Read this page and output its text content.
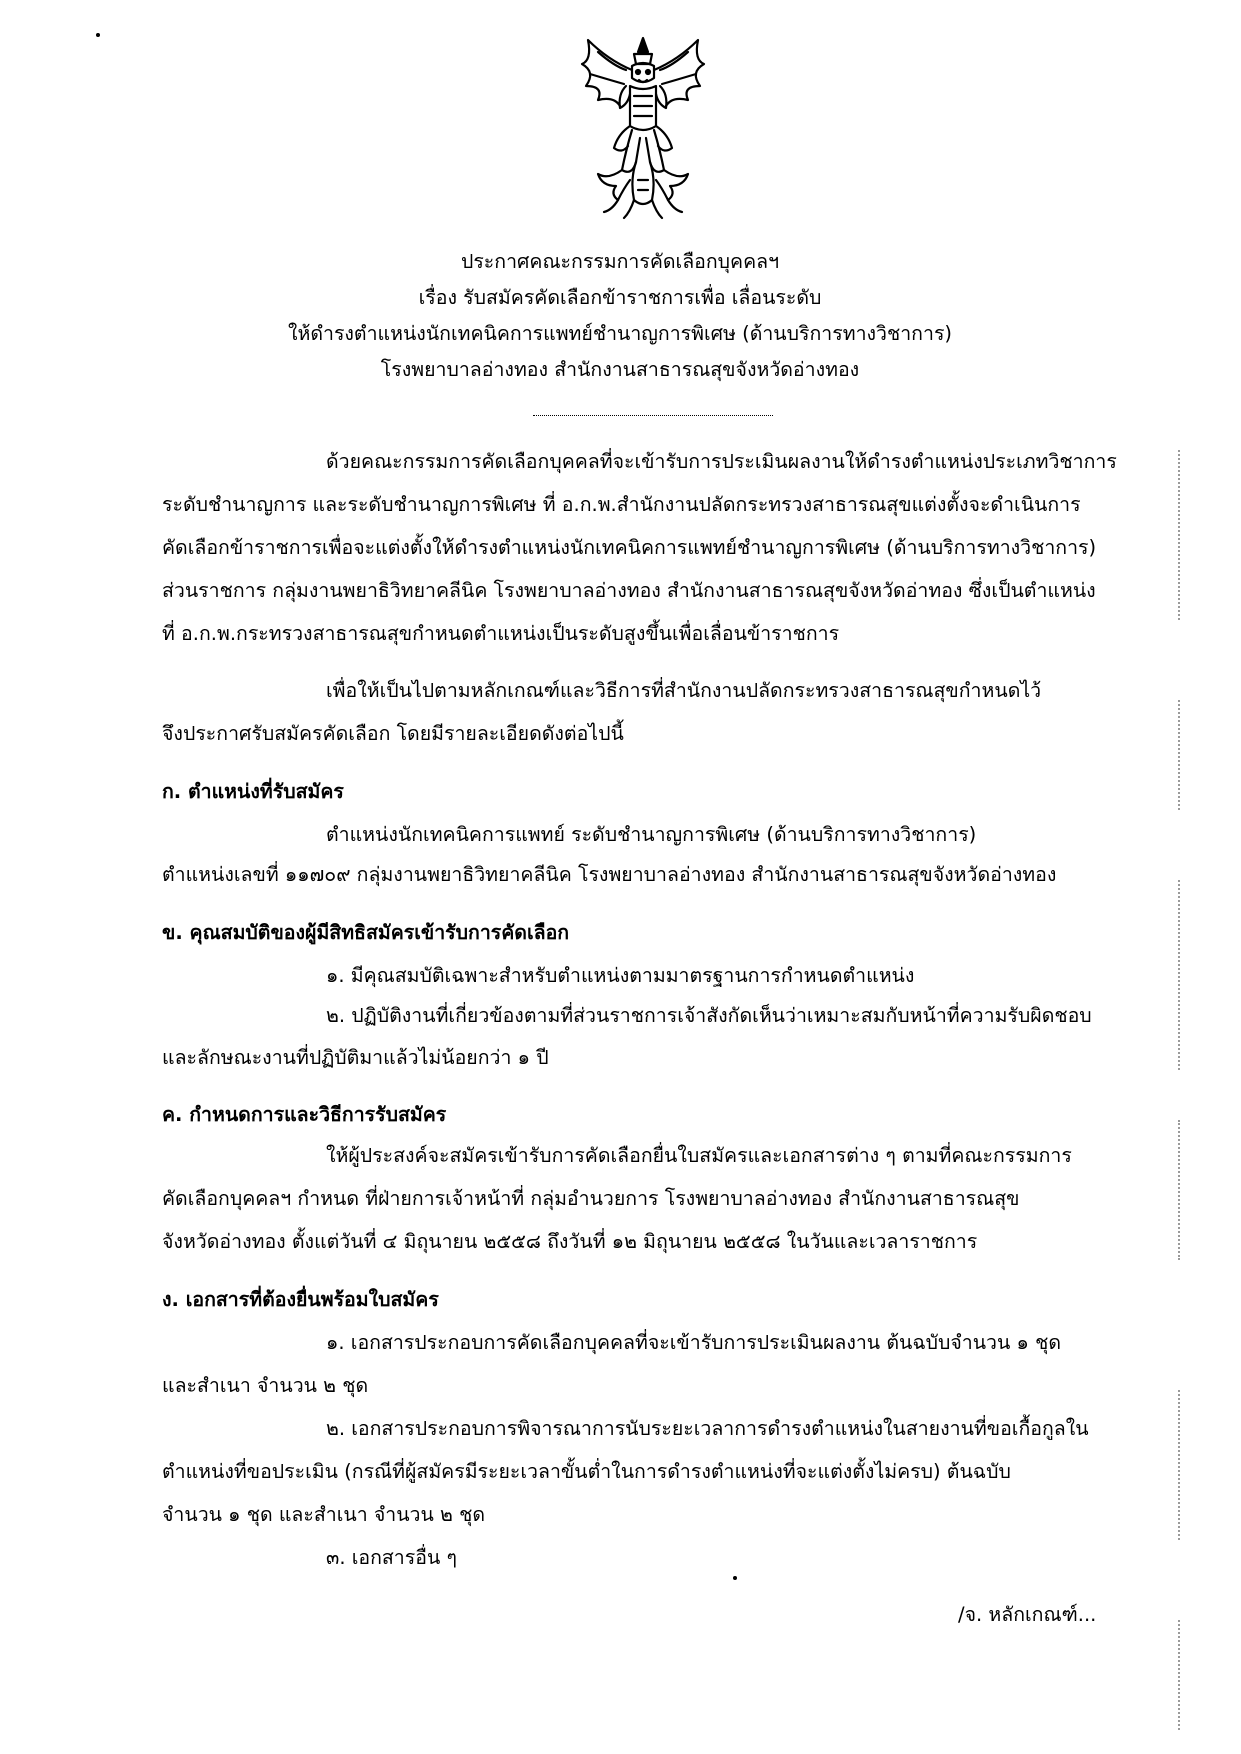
ประกาศคณะกรรมการคัดเลือกบุคคลฯ
เรื่อง รับสมัครคัดเลือกข้าราชการเพื่อ เลื่อนระดับ
ให้ดำรงตำแหน่งนักเทคนิคการแพทย์ชำนาญการพิเศษ (ด้านบริการทางวิชาการ)
โรงพยาบาลอ่างทอง สำนักงานสาธารณสุขจังหวัดอ่างทอง
ด้วยคณะกรรมการคัดเลือกบุคคลที่จะเข้ารับการประเมินผลงานให้ดำรงตำแหน่งประเภทวิชาการ
ระดับชำนาญการ และระดับชำนาญการพิเศษ ที่ อ.ก.พ.สำนักงานปลัดกระทรวงสาธารณสุขแต่งตั้งจะดำเนินการ
คัดเลือกข้าราชการเพื่อจะแต่งตั้งให้ดำรงตำแหน่งนักเทคนิคการแพทย์ชำนาญการพิเศษ (ด้านบริการทางวิชาการ)
ส่วนราชการ กลุ่มงานพยาธิวิทยาคลีนิค โรงพยาบาลอ่างทอง สำนักงานสาธารณสุขจังหวัดอ่าทอง ซึ่งเป็นตำแหน่ง
ที่ อ.ก.พ.กระทรวงสาธารณสุขกำหนดตำแหน่งเป็นระดับสูงขึ้นเพื่อเลื่อนข้าราชการ
เพื่อให้เป็นไปตามหลักเกณฑ์และวิธีการที่สำนักงานปลัดกระทรวงสาธารณสุขกำหนดไว้
จึงประกาศรับสมัครคัดเลือก โดยมีรายละเอียดดังต่อไปนี้
ก. ตำแหน่งที่รับสมัคร
ตำแหน่งนักเทคนิคการแพทย์ ระดับชำนาญการพิเศษ (ด้านบริการทางวิชาการ)
ตำแหน่งเลขที่ ๑๑๗๐๙ กลุ่มงานพยาธิวิทยาคลีนิค โรงพยาบาลอ่างทอง สำนักงานสาธารณสุขจังหวัดอ่างทอง
ข. คุณสมบัติของผู้มีสิทธิสมัครเข้ารับการคัดเลือก
๑. มีคุณสมบัติเฉพาะสำหรับตำแหน่งตามมาตรฐานการกำหนดตำแหน่ง
๒. ปฏิบัติงานที่เกี่ยวข้องตามที่ส่วนราชการเจ้าสังกัดเห็นว่าเหมาะสมกับหน้าที่ความรับผิดชอบ
และลักษณะงานที่ปฏิบัติมาแล้วไม่น้อยกว่า ๑ ปี
ค. กำหนดการและวิธีการรับสมัคร
ให้ผู้ประสงค์จะสมัครเข้ารับการคัดเลือกยื่นใบสมัครและเอกสารต่าง ๆ ตามที่คณะกรรมการ
คัดเลือกบุคคลฯ กำหนด ที่ฝ่ายการเจ้าหน้าที่ กลุ่มอำนวยการ โรงพยาบาลอ่างทอง สำนักงานสาธารณสุข
จังหวัดอ่างทอง ตั้งแต่วันที่ ๔ มิถุนายน ๒๕๕๘ ถึงวันที่ ๑๒ มิถุนายน ๒๕๕๘ ในวันและเวลาราชการ
ง. เอกสารที่ต้องยื่นพร้อมใบสมัคร
๑. เอกสารประกอบการคัดเลือกบุคคลที่จะเข้ารับการประเมินผลงาน ต้นฉบับจำนวน ๑ ชุด
และสำเนา จำนวน ๒ ชุด
๒. เอกสารประกอบการพิจารณาการนับระยะเวลาการดำรงตำแหน่งในสายงานที่ขอเกื้อกูลใน
ตำแหน่งที่ขอประเมิน (กรณีที่ผู้สมัครมีระยะเวลาขั้นต่ำในการดำรงตำแหน่งที่จะแต่งตั้งไม่ครบ) ต้นฉบับ
จำนวน ๑ ชุด และสำเนา จำนวน ๒ ชุด
๓. เอกสารอื่น ๆ
/จ. หลักเกณฑ์...
